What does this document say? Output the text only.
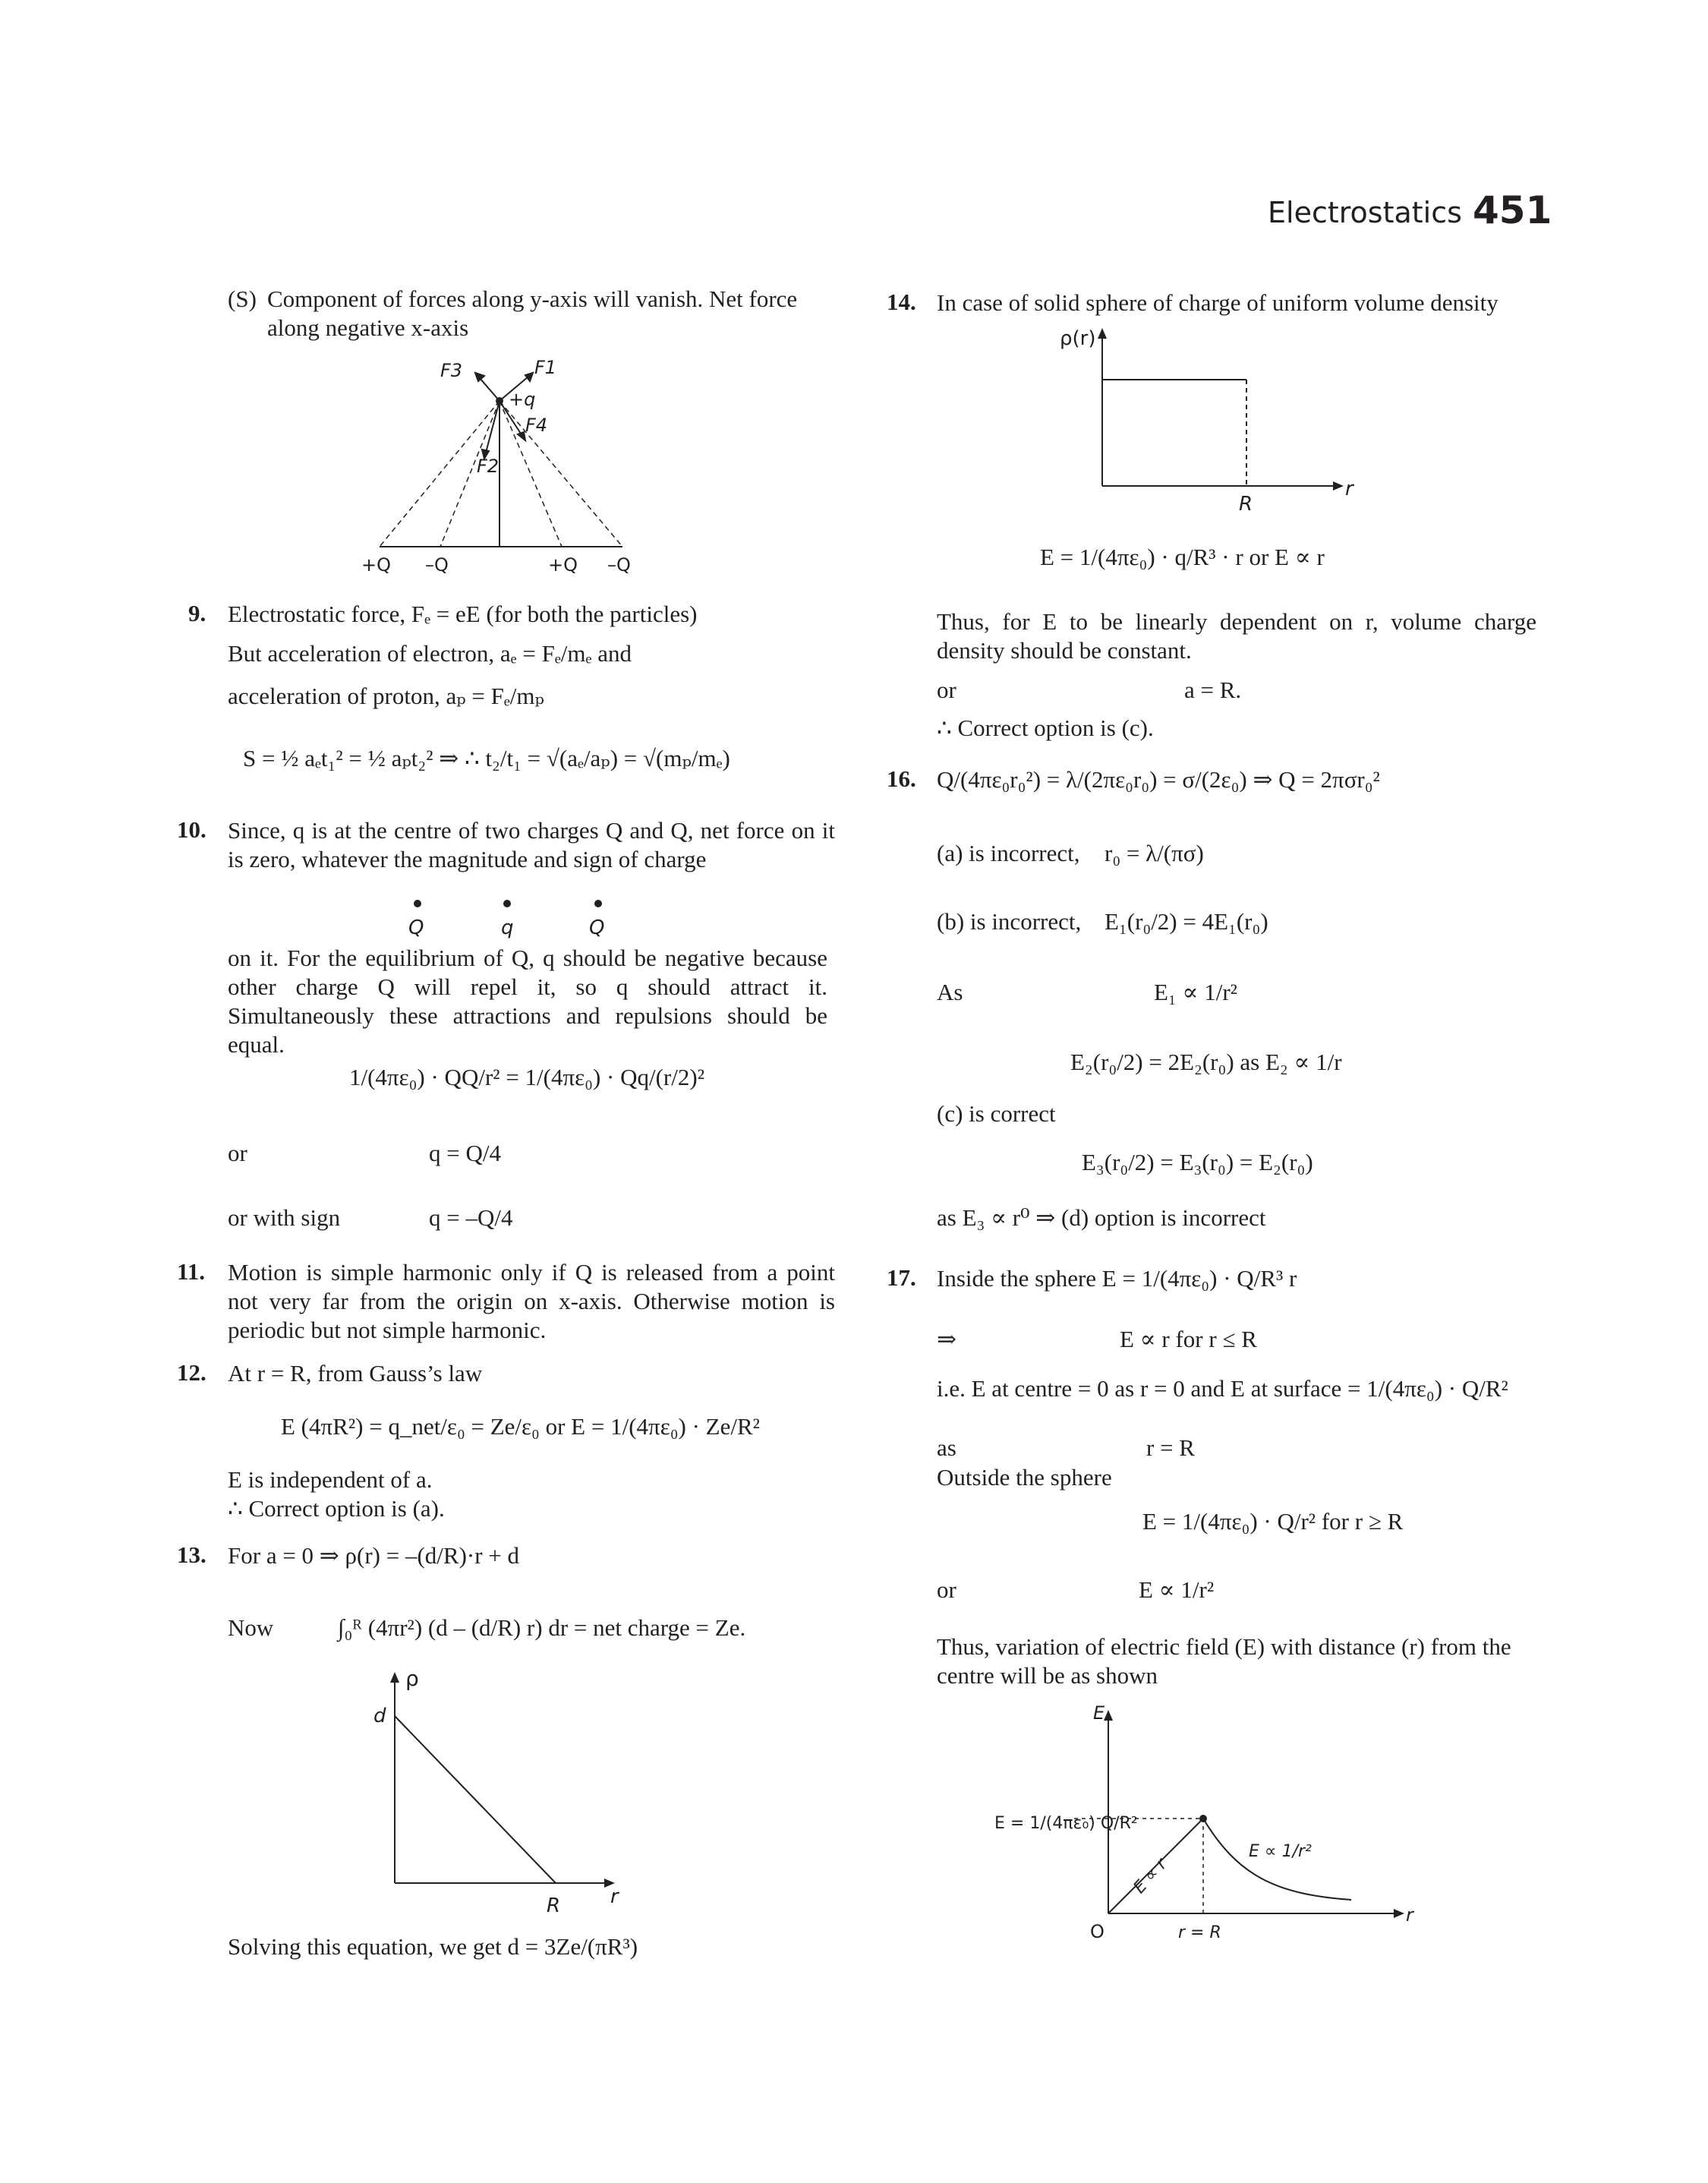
Electrostatics 451
(S) Component of forces along y-axis will vanish. Net force along negative x-axis
F3	F1
+q
F4
F2
+Q –Q	+Q –Q
9. Electrostatic force, Fₑ = eE (for both the particles)
But acceleration of electron, aₑ = Fₑ/mₑ and
acceleration of proton, aₚ = Fₑ/mₚ
S = ½ aₑt₁² = ½ aₚt₂² ⇒ ∴ t₂/t₁ = √(aₑ/aₚ) = √(mₚ/mₑ)
10. Since, q is at the centre of two charges Q and Q, net force on it is zero, whatever the magnitude and sign of charge
Q	q	Q
on it. For the equilibrium of Q, q should be negative because other charge Q will repel it, so q should attract it. Simultaneously these attractions and repulsions should be equal.
1/(4πε₀) · QQ/r² = 1/(4πε₀) · Qq/(r/2)²
or	q = Q/4
or with sign	q = –Q/4
11. Motion is simple harmonic only if Q is released from a point not very far from the origin on x-axis. Otherwise motion is periodic but not simple harmonic.
12. At r = R, from Gauss’s law
E (4πR²) = q_net/ε₀ = Ze/ε₀ or E = 1/(4πε₀) · Ze/R²
E is independent of a.
∴ Correct option is (a).
13. For a = 0 ⇒ ρ(r) = –(d/R)·r + d
Now	∫₀ᴿ (4πr²) (d – (d/R) r) dr = net charge = Ze.
ρ
d
R	r
Solving this equation, we get d = 3Ze/(πR³)
14. In case of solid sphere of charge of uniform volume density
ρ(r)
R
r
E = 1/(4πε₀) · q/R³ · r or E ∝ r
Thus, for E to be linearly dependent on r, volume charge density should be constant.
or	a = R.
∴ Correct option is (c).
16. Q/(4πε₀r₀²) = λ/(2πε₀r₀) = σ/(2ε₀) ⇒ Q = 2πσr₀²
(a) is incorrect, r₀ = λ/(πσ)
(b) is incorrect, E₁(r₀/2) = 4E₁(r₀)
As	E₁ ∝ 1/r²
E₂(r₀/2) = 2E₂(r₀) as E₂ ∝ 1/r
(c) is correct
E₃(r₀/2) = E₃(r₀) = E₂(r₀)
as E₃ ∝ r⁰ ⇒ (d) option is incorrect
17. Inside the sphere E = 1/(4πε₀) · Q/R³ r
⇒	E ∝ r for r ≤ R
i.e. E at centre = 0 as r = 0 and E at surface = 1/(4πε₀) · Q/R²
as	r = R
Outside the sphere
E = 1/(4πε₀) · Q/r² for r ≥ R
or	E ∝ 1/r²
Thus, variation of electric field (E) with distance (r) from the centre will be as shown
E
E = 1/(4πε₀) Q/R²
E ∝ r
E ∝ 1/r²
O	r = R
r
